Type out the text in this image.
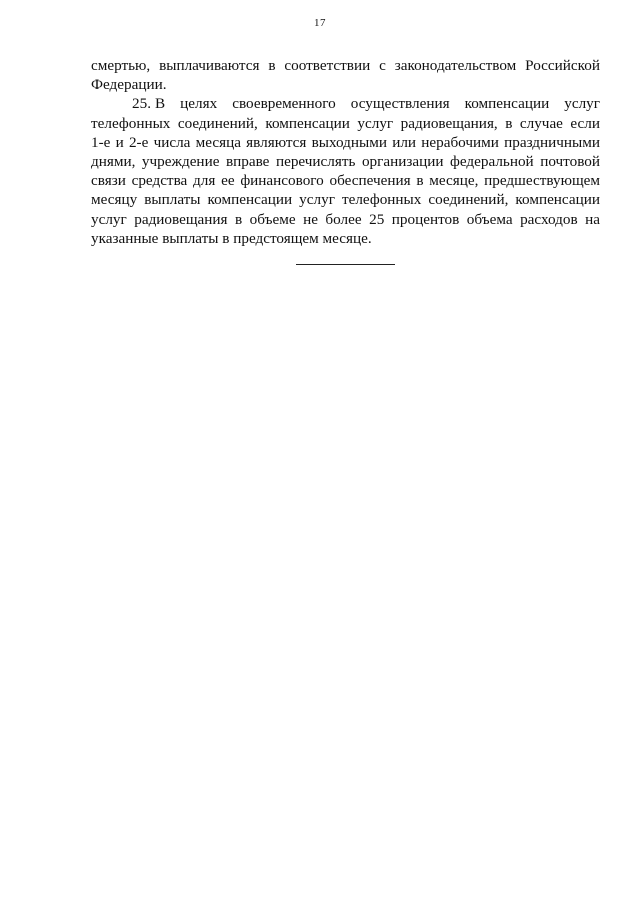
17
смертью, выплачиваются в соответствии с законодательством Российской
Федерации.
25. В целях своевременного осуществления компенсации услуг
телефонных соединений, компенсации услуг радиовещания, в случае если
1-е и 2-е числа месяца являются выходными или нерабочими праздничными
днями, учреждение вправе перечислять организации федеральной почтовой
связи средства для ее финансового обеспечения в месяце, предшествующем
месяцу выплаты компенсации услуг телефонных соединений, компенсации
услуг радиовещания в объеме не более 25 процентов объема расходов на
указанные выплаты в предстоящем месяце.
